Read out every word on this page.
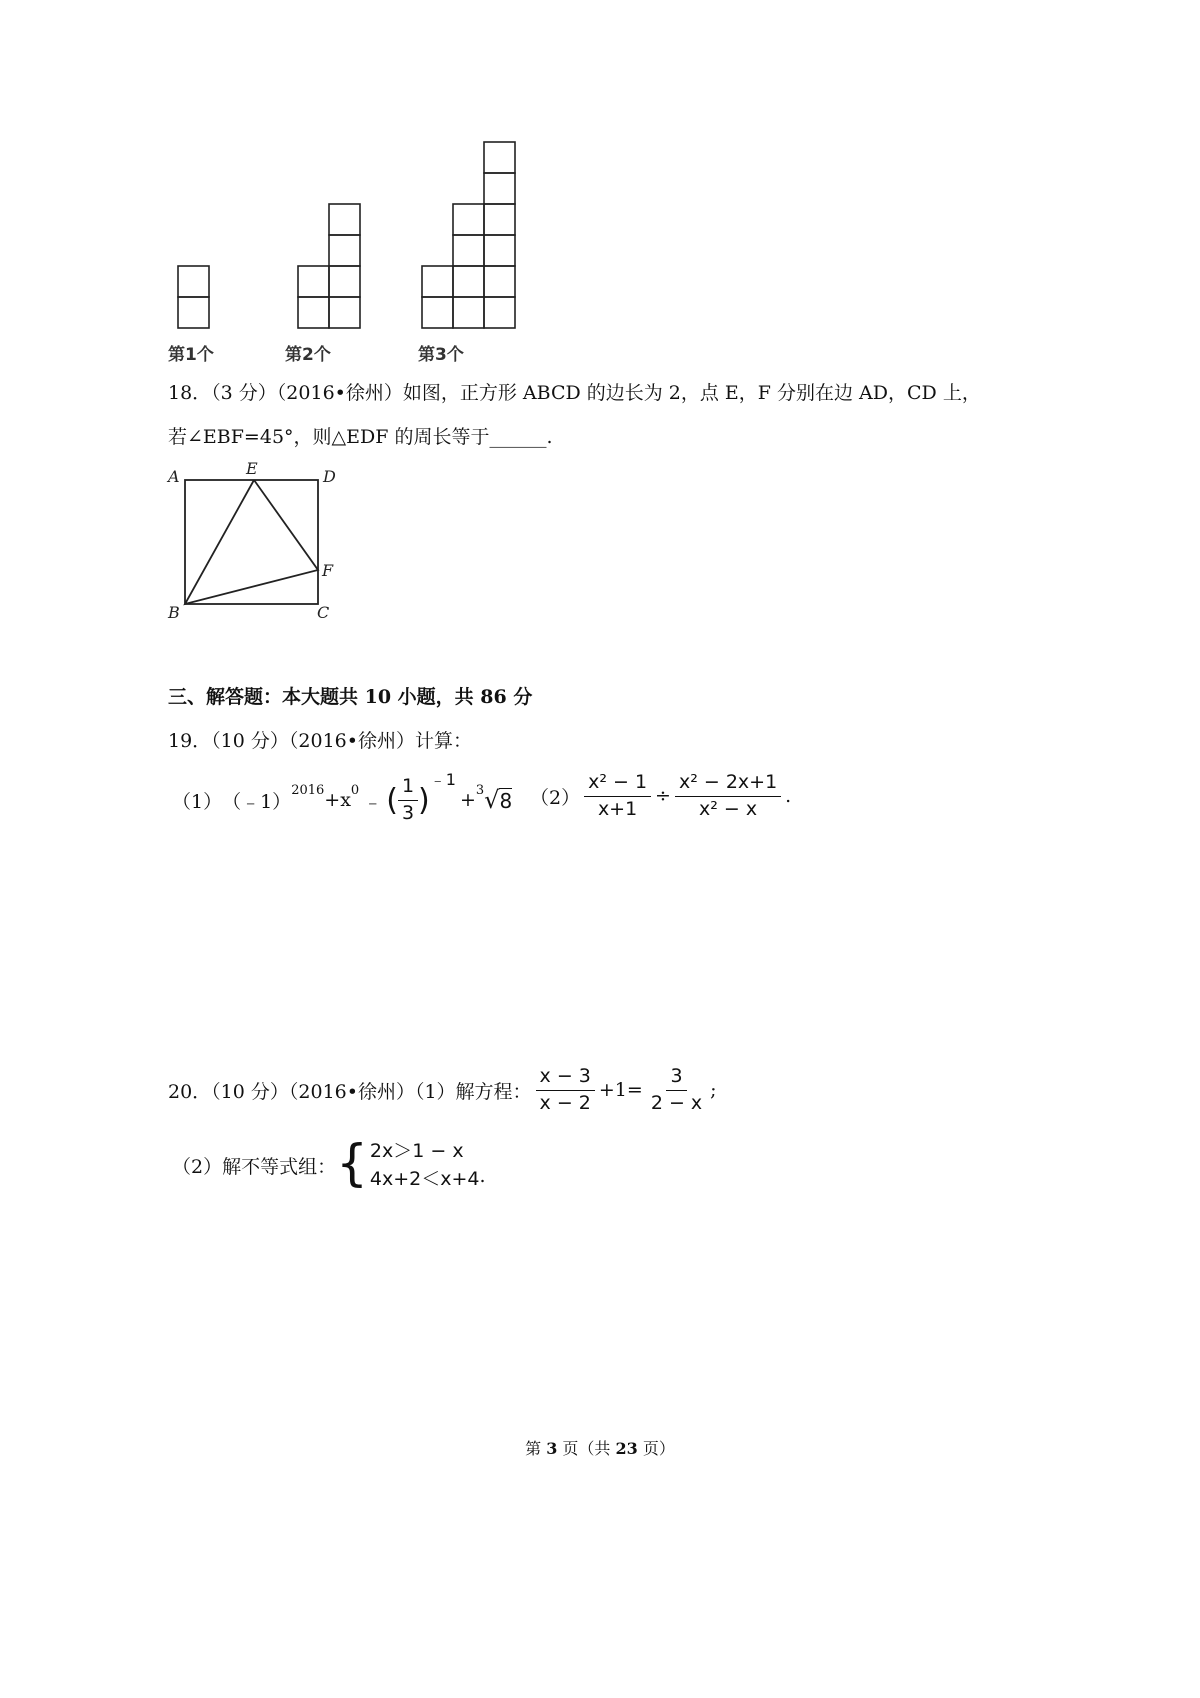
第1个	第2个	第3个
18．（3 分）（2016•徐州）如图，正方形 ABCD 的边长为 2，点 E，F 分别在边 AD，CD 上，
若∠EBF=45°，则△EDF 的周长等于______.
A	E	D
F
B	C
三、解答题：本大题共 10 小题，共 86 分
19．（10 分）（2016•徐州）计算：
（1） （﹣1）
$^{2016} +x^0$
﹣ ( $\frac{1}{3}$ )
$^{﹣1}$
+$^3$ √ 8 $(2) \frac{\text{x² − 1}}{x+1} \div \frac{\text{x² − 2x+1}}{\text{x² − x}}$ .
20．（10 分）（2016•徐州）（1）解方程： $\frac{x - 3}{x - 2} +1= \frac{3}{2 - x}$ ;
（2）解不等式组： { 2x＞1 − x
4x+2＜x+4 .
第 3 页（共 23 页）
